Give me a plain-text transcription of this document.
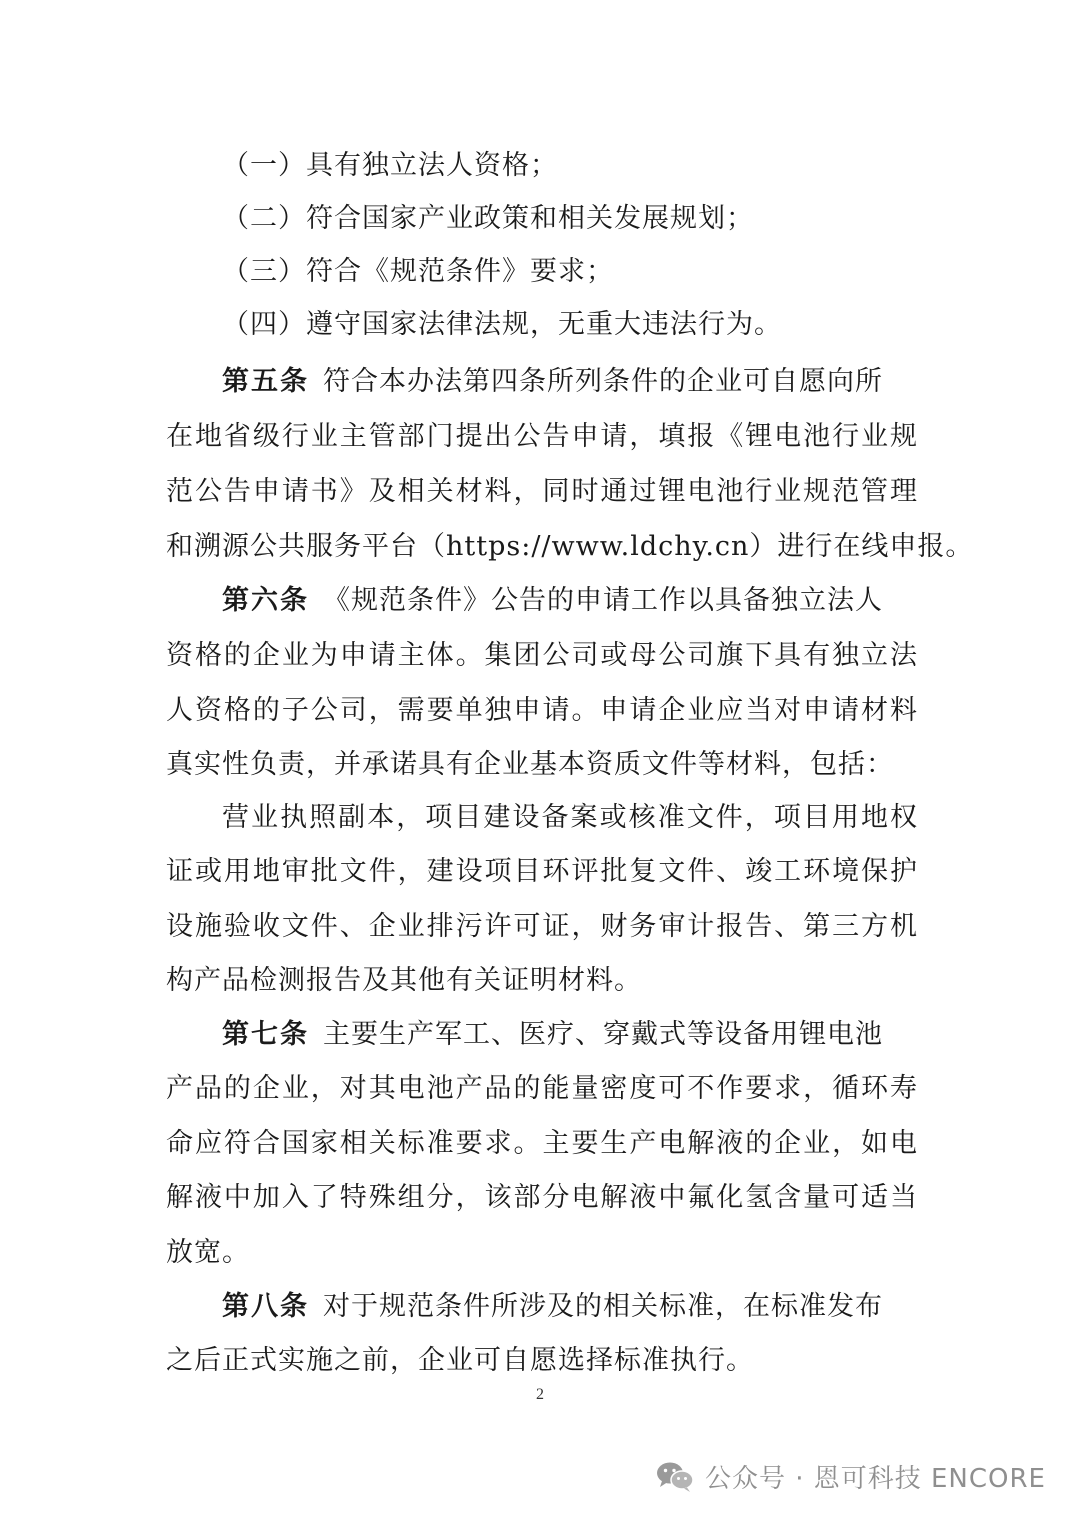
（一）具有独立法人资格；
（二）符合国家产业政策和相关发展规划；
（三）符合《规范条件》要求；
（四）遵守国家法律法规，无重大违法行为。
第五条 符合本办法第四条所列条件的企业可自愿向所
在地省级行业主管部门提出公告申请，填报《锂电池行业规
范公告申请书》及相关材料，同时通过锂电池行业规范管理
和溯源公共服务平台（https://www.ldchy.cn）进行在线申报。
第六条 《规范条件》公告的申请工作以具备独立法人
资格的企业为申请主体。集团公司或母公司旗下具有独立法
人资格的子公司，需要单独申请。申请企业应当对申请材料
真实性负责，并承诺具有企业基本资质文件等材料，包括：
营业执照副本，项目建设备案或核准文件，项目用地权
证或用地审批文件，建设项目环评批复文件、竣工环境保护
设施验收文件、企业排污许可证，财务审计报告、第三方机
构产品检测报告及其他有关证明材料。
第七条 主要生产军工、医疗、穿戴式等设备用锂电池
产品的企业，对其电池产品的能量密度可不作要求，循环寿
命应符合国家相关标准要求。主要生产电解液的企业，如电
解液中加入了特殊组分，该部分电解液中氟化氢含量可适当
放宽。
第八条 对于规范条件所涉及的相关标准，在标准发布
之后正式实施之前，企业可自愿选择标准执行。
2
公众号 · 恩可科技 ENCORE
